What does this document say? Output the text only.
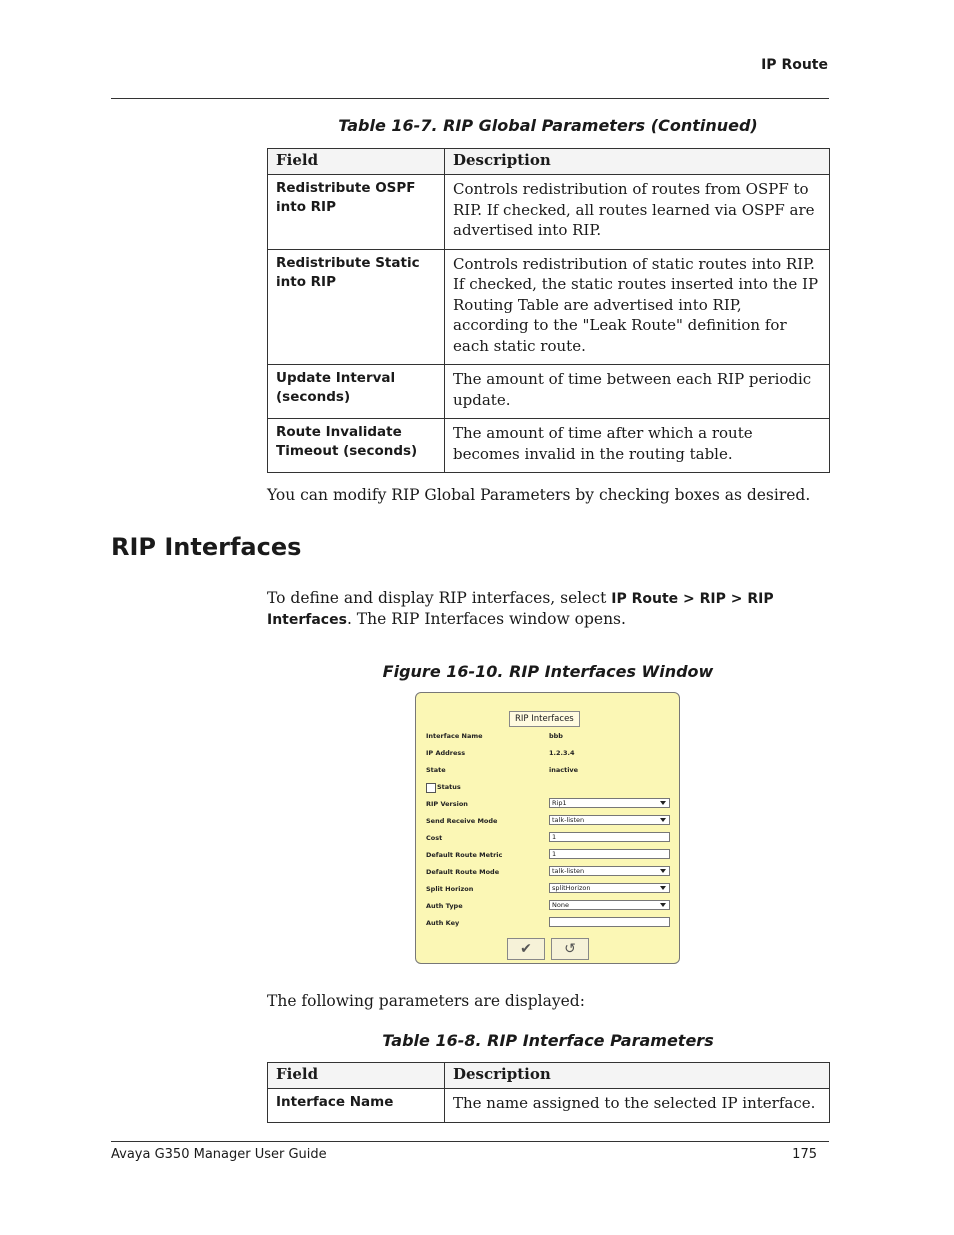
IP Route
Table 16-7. RIP Global Parameters (Continued)
Field	Description
Redistribute OSPF into RIP	Controls redistribution of routes from OSPF to RIP. If checked, all routes learned via OSPF are advertised into RIP.
Redistribute Static into RIP	Controls redistribution of static routes into RIP. If checked, the static routes inserted into the IP Routing Table are advertised into RIP, according to the "Leak Route" definition for each static route.
Update Interval (seconds)	The amount of time between each RIP periodic update.
Route Invalidate Timeout (seconds)	The amount of time after which a route becomes invalid in the routing table.
You can modify RIP Global Parameters by checking boxes as desired.
RIP Interfaces
To define and display RIP interfaces, select IP Route > RIP > RIP Interfaces. The RIP Interfaces window opens.
Figure 16-10. RIP Interfaces Window
RIP Interfaces
Interface Name	bbb
IP Address	1.2.3.4
State	inactive
Status
RIP Version	Rip1
Send Receive Mode	talk-listen
Cost	1
Default Route Metric	1
Default Route Mode	talk-listen
Split Horizon	splitHorizon
Auth Type	None
Auth Key
✔	↺
The following parameters are displayed:
Table 16-8. RIP Interface Parameters
Field	Description
Interface Name	The name assigned to the selected IP interface.
Avaya G350 Manager User Guide	175
